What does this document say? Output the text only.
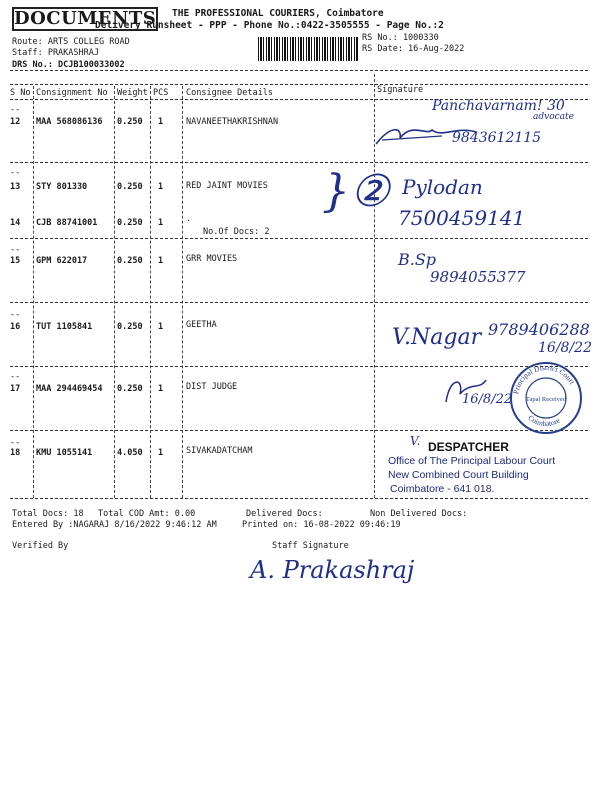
DOCUMENTS THE PROFESSIONAL COURIERS, Coimbatore
Delivery Runsheet - PPP - Phone No.:0422-3505555 - Page No.:2
Route: ARTS COLLEG ROAD
Staff: PRAKASHRAJ
DRS No.: DCJB100033002
RS No.: 1000330
RS Date: 16-Aug-2022
S No Consignment No Weight PCS Consignee Details	Signature
--
12 MAA 568086136 0.250 1	NAVANEETHAKRISHNAN
--
13 STY 801330	0.250 1	RED JAINT MOVIES
14 CJB 88741001 0.250 1	.
No.Of Docs: 2
--
15 GPM 622017	0.250 1	GRR MOVIES
--
16 TUT 1105841	0.250 1	GEETHA
--
17 MAA 294469454 0.250 1	DIST JUDGE
--
18 KMU 1055141	4.050 1	SIVAKADATCHAM
Panchavarnam! 30
advocate
9843612115
}② Pylodan
7500459141
B.Sp
9894055377
V.Nagar 9789406288
16/8/22
16/8/22
Principal District Court
Coimbatore
Tapal Received
V. DESPATCHER
Office of The Principal Labour Court
New Combined Court Building
Coimbatore - 641 018.
Total Docs: 18 Total COD Amt: 0.00	Delivered Docs:	Non Delivered Docs:
Entered By :NAGARAJ 8/16/2022 9:46:12 AM	Printed on: 16-08-2022 09:46:19
Verified By	Staff Signature
A. Prakashraj
